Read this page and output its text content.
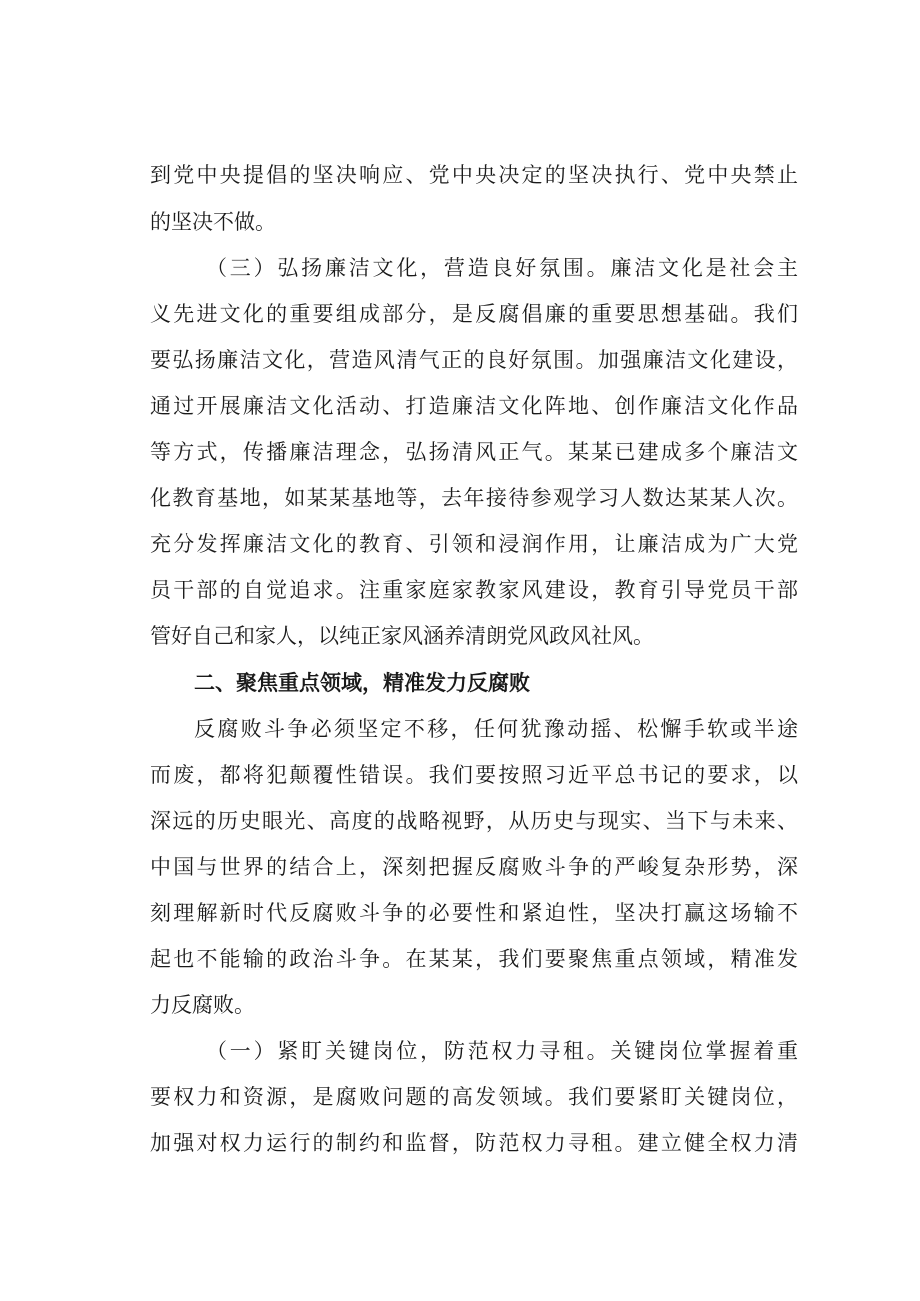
到党中央提倡的坚决响应、党中央决定的坚决执行、党中央禁止
的坚决不做。
（三）弘扬廉洁文化，营造良好氛围。廉洁文化是社会主
义先进文化的重要组成部分，是反腐倡廉的重要思想基础。我们
要弘扬廉洁文化，营造风清气正的良好氛围。加强廉洁文化建设，
通过开展廉洁文化活动、打造廉洁文化阵地、创作廉洁文化作品
等方式，传播廉洁理念，弘扬清风正气。某某已建成多个廉洁文
化教育基地，如某某基地等，去年接待参观学习人数达某某人次。
充分发挥廉洁文化的教育、引领和浸润作用，让廉洁成为广大党
员干部的自觉追求。注重家庭家教家风建设，教育引导党员干部
管好自己和家人，以纯正家风涵养清朗党风政风社风。
二、聚焦重点领域，精准发力反腐败
反腐败斗争必须坚定不移，任何犹豫动摇、松懈手软或半途
而废，都将犯颠覆性错误。我们要按照习近平总书记的要求，以
深远的历史眼光、高度的战略视野，从历史与现实、当下与未来、
中国与世界的结合上，深刻把握反腐败斗争的严峻复杂形势，深
刻理解新时代反腐败斗争的必要性和紧迫性，坚决打赢这场输不
起也不能输的政治斗争。在某某，我们要聚焦重点领域，精准发
力反腐败。
（一）紧盯关键岗位，防范权力寻租。关键岗位掌握着重
要权力和资源，是腐败问题的高发领域。我们要紧盯关键岗位，
加强对权力运行的制约和监督，防范权力寻租。建立健全权力清
